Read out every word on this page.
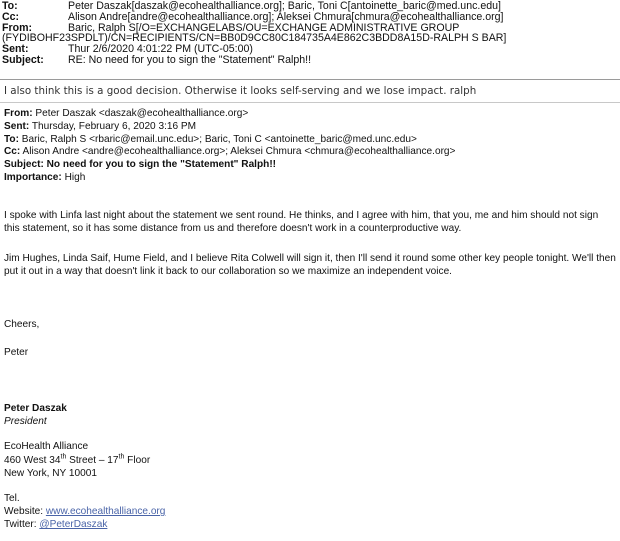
To:	Peter Daszak[daszak@ecohealthalliance.org]; Baric, Toni C[antoinette_baric@med.unc.edu]
Cc:	Alison Andre[andre@ecohealthalliance.org]; Aleksei Chmura[chmura@ecohealthalliance.org]
From:	Baric, Ralph S[/O=EXCHANGELABS/OU=EXCHANGE ADMINISTRATIVE GROUP
(FYDIBOHF23SPDLT)/CN=RECIPIENTS/CN=BB0D9CC80C184735A4E862C3BDD8A15D-RALPH S BAR]
Sent:	Thur 2/6/2020 4:01:22 PM (UTC-05:00)
Subject:	RE: No need for you to sign the "Statement" Ralph!!
I also think this is a good decision. Otherwise it looks self-serving and we lose impact. ralph
From: Peter Daszak <daszak@ecohealthalliance.org>
Sent: Thursday, February 6, 2020 3:16 PM
To: Baric, Ralph S <rbaric@email.unc.edu>; Baric, Toni C <antoinette_baric@med.unc.edu>
Cc: Alison Andre <andre@ecohealthalliance.org>; Aleksei Chmura <chmura@ecohealthalliance.org>
Subject: No need for you to sign the "Statement" Ralph!!
Importance: High
I spoke with Linfa last night about the statement we sent round. He thinks, and I agree with him, that you, me and him should not sign this statement, so it has some distance from us and therefore doesn't work in a counterproductive way.
Jim Hughes, Linda Saif, Hume Field, and I believe Rita Colwell will sign it, then I'll send it round some other key people tonight. We'll then put it out in a way that doesn't link it back to our collaboration so we maximize an independent voice.
Cheers,
Peter
Peter Daszak
President
EcoHealth Alliance
460 West 34th Street – 17th Floor
New York, NY 10001
Tel.
Website: www.ecohealthalliance.org
Twitter: @PeterDaszak
